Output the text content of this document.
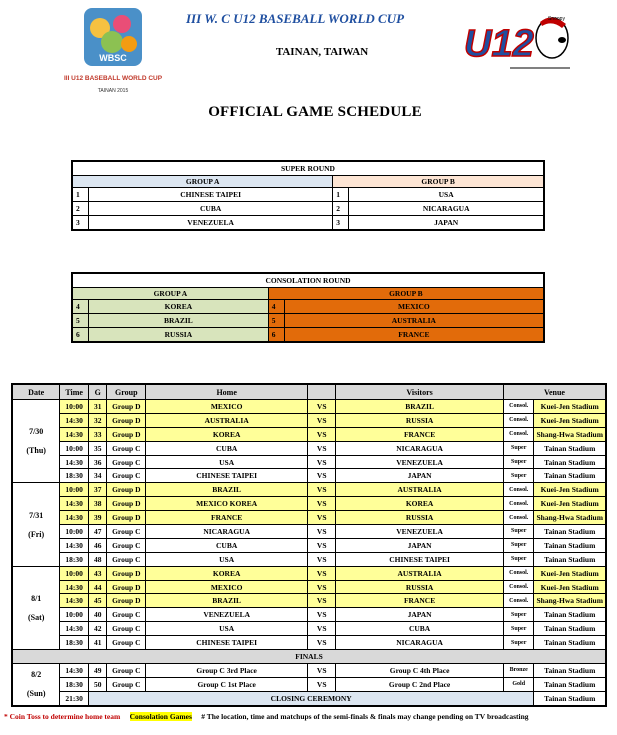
WBSC
III U12 BASEBALL WORLD CUP
TAINAN 2015
III W. C U12 BASEBALL WORLD CUP
TAINAN, TAIWAN	U12
Snoopy
OFFICIAL GAME SCHEDULE
SUPER ROUND			
GROUP A		GROUP B	
1	CHINESE TAIPEI	1	USA
2	CUBA	2	NICARAGUA
3	VENEZUELA	3	JAPAN
CONSOLATION ROUND			
GROUP A		GROUP B	
4	KOREA	4	MEXICO
5	BRAZIL	5	AUSTRALIA
6	RUSSIA	6	FRANCE
Date	Time	G	Group	Home		Visitors	Venue	

7/30
(Thu)	10:00	31	Group D	MEXICO	VS	BRAZIL	Consol.	Kuei-Jen Stadium
	14:30	32	Group D	AUSTRALIA	VS	RUSSIA	Consol.	Kuei-Jen Stadium
	14:30	33	Group D	KOREA	VS	FRANCE	Consol.	Shang-Hwa Stadium
	10:00	35	Group C	CUBA	VS	NICARAGUA	Super	Tainan Stadium
	14:30	36	Group C	USA	VS	VENEZUELA	Super	Tainan Stadium
	18:30	34	Group C	CHINESE TAIPEI	VS	JAPAN	Super	Tainan Stadium

7/31
(Fri)	10:00	37	Group D	BRAZIL	VS	AUSTRALIA	Consol.	Kuei-Jen Stadium
	14:30	38	Group D	MEXICO KOREA	VS	KOREA	Consol.	Kuei-Jen Stadium
	14:30	39	Group D	FRANCE	VS	RUSSIA	Consol.	Shang-Hwa Stadium
	10:00	47	Group C	NICARAGUA	VS	VENEZUELA	Super	Tainan Stadium
	14:30	46	Group C	CUBA	VS	JAPAN	Super	Tainan Stadium
	18:30	48	Group C	USA	VS	CHINESE TAIPEI	Super	Tainan Stadium

8/1
(Sat)	10:00	43	Group D	KOREA	VS	AUSTRALIA	Consol.	Kuei-Jen Stadium
	14:30	44	Group D	MEXICO	VS	RUSSIA	Consol.	Kuei-Jen Stadium
	14:30	45	Group D	BRAZIL	VS	FRANCE	Consol.	Shang-Hwa Stadium
	10:00	40	Group C	VENEZUELA	VS	JAPAN	Super	Tainan Stadium
	14:30	42	Group C	USA	VS	CUBA	Super	Tainan Stadium
	18:30	41	Group C	CHINESE TAIPEI	VS	NICARAGUA	Super	Tainan Stadium
FINALS								

8/2
(Sun)	14:30	49	Group C	Group C 3rd Place	VS	Group C 4th Place	Bronze	Tainan Stadium
	18:30	50	Group C	Group C 1st Place	VS	Group C 2nd Place	Gold	Tainan Stadium
	21:30	CLOSING CEREMONY						Tainan Stadium
* Coin Toss to determine home team Consolation Games # The location, time and matchups of the semi-finals & finals may change pending on TV broadcasting
